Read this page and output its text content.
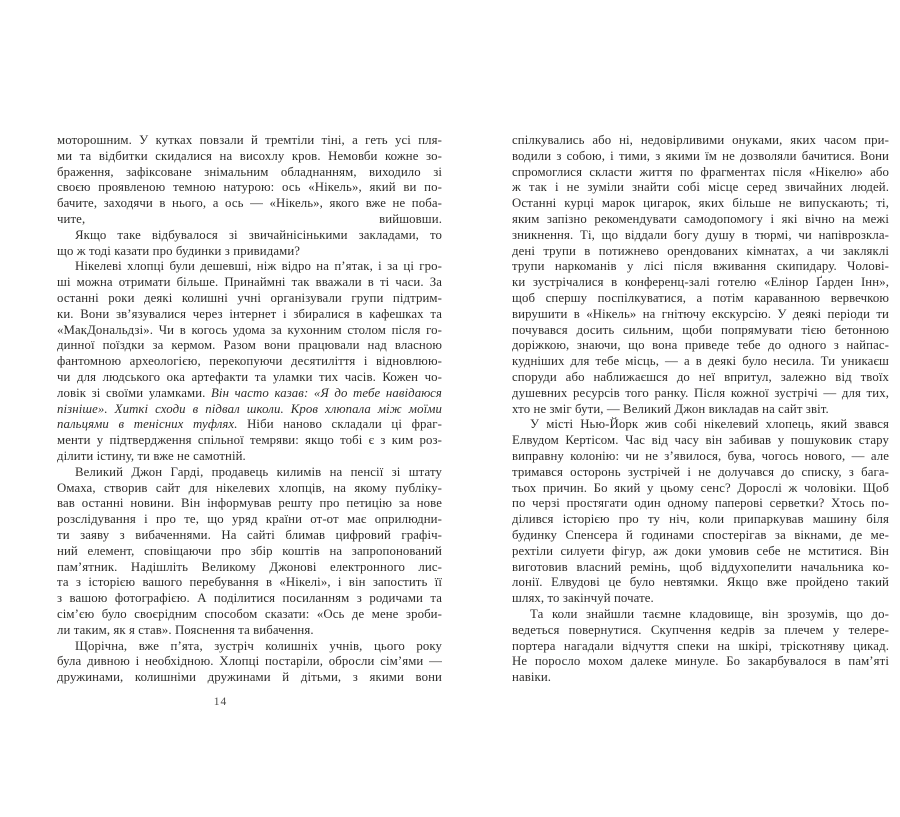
моторошним. У кутках повзали й тремтіли тіні, а геть усі пля-
ми та відбитки скидалися на висохлу кров. Немовби кожне зо-
браження, зафіксоване знімальним обладнанням, виходило зі
своєю проявленою темною натурою: ось «Нікель», який ви по-
бачите, заходячи в нього, а ось — «Нікель», якого вже не поба-
чите, вийшовши.
Якщо таке відбувалося зі звичайнісінькими закладами, то
що ж тоді казати про будинки з привидами?
Нікелеві хлопці були дешевші, ніж відро на п’ятак, і за ці гро-
ші можна отримати більше. Принаймні так вважали в ті часи. За
останні роки деякі колишні учні організували групи підтрим-
ки. Вони зв’язувалися через інтернет і збиралися в кафешках та
«МакДональдзі». Чи в когось удома за кухонним столом після го-
динної поїздки за кермом. Разом вони працювали над власною
фантомною археологією, перекопуючи десятиліття і відновлюю-
чи для людського ока артефакти та уламки тих часів. Кожен чо-
ловік зі своїми уламками. Він часто казав: «Я до тебе навідаюся
пізніше». Хиткі сходи в підвал школи. Кров хлюпала між моїми
пальцями в тенісних туфлях. Ніби наново складали ці фраг-
менти у підтвердження спільної темряви: якщо тобі є з ким роз-
ділити істину, ти вже не самотній.
Великий Джон Гарді, продавець килимів на пенсії зі штату
Омаха, створив сайт для нікелевих хлопців, на якому публіку-
вав останні новини. Він інформував решту про петицію за нове
розслідування і про те, що уряд країни от-от має оприлюдни-
ти заяву з вибаченнями. На сайті блимав цифровий графіч-
ний елемент, сповіщаючи про збір коштів на запропонований
пам’ятник. Надішліть Великому Джонові електронного лис-
та з історією вашого перебування в «Нікелі», і він запостить її
з вашою фотографією. А поділитися посиланням з родичами та
сім’єю було своєрідним способом сказати: «Ось де мене зроби-
ли таким, як я став». Пояснення та вибачення.
Щорічна, вже п’ята, зустріч колишніх учнів, цього року
була дивною і необхідною. Хлопці постаріли, обросли сім’ями —
дружинами, колишніми дружинами й дітьми, з якими вони
спілкувались або ні, недовірливими онуками, яких часом при-
водили з собою, і тими, з якими їм не дозволяли бачитися. Вони
спромоглися скласти життя по фрагментах після «Нікелю» або
ж так і не зуміли знайти собі місце серед звичайних людей.
Останні курці марок цигарок, яких більше не випускають; ті,
яким запізно рекомендувати самодопомогу і які вічно на межі
зникнення. Ті, що віддали богу душу в тюрмі, чи напіврозкла-
дені трупи в потижнево орендованих кімнатах, а чи закляклі
трупи наркоманів у лісі після вживання скипидару. Чолові-
ки зустрічалися в конференц-залі готелю «Елінор Ґарден Інн»,
щоб спершу поспілкуватися, а потім караванною вервечкою
вирушити в «Нікель» на гнітючу екскурсію. У деякі періоди ти
почувався досить сильним, щоби попрямувати тією бетонною
доріжкою, знаючи, що вона приведе тебе до одного з найпас-
кудніших для тебе місць, — а в деякі було несила. Ти уникаєш
споруди або наближаєшся до неї впритул, залежно від твоїх
душевних ресурсів того ранку. Після кожної зустрічі — для тих,
хто не зміг бути, — Великий Джон викладав на сайт звіт.
У місті Нью-Йорк жив собі нікелевий хлопець, який звався
Елвудом Кертісом. Час від часу він забивав у пошуковик стару
виправну колонію: чи не з’явилося, бува, чогось нового, — але
тримався осторонь зустрічей і не долучався до списку, з бага-
тьох причин. Бо який у цьому сенс? Дорослі ж чоловіки. Щоб
по черзі простягати один одному паперові серветки? Хтось по-
ділився історією про ту ніч, коли припаркував машину біля
будинку Спенсера й годинами спостерігав за вікнами, де ме-
рехтіли силуети фігур, аж доки умовив себе не мститися. Він
виготовив власний ремінь, щоб віддухопелити начальника ко-
лонії. Елвудові це було невтямки. Якщо вже пройдено такий
шлях, то закінчуй почате.
Та коли знайшли таємне кладовище, він зрозумів, що до-
ведеться повернутися. Скупчення кедрів за плечем у телере-
портера нагадали відчуття спеки на шкірі, тріскотняву цикад.
Не поросло мохом далеке минуле. Бо закарбувалося в пам’яті
навіки.
14
